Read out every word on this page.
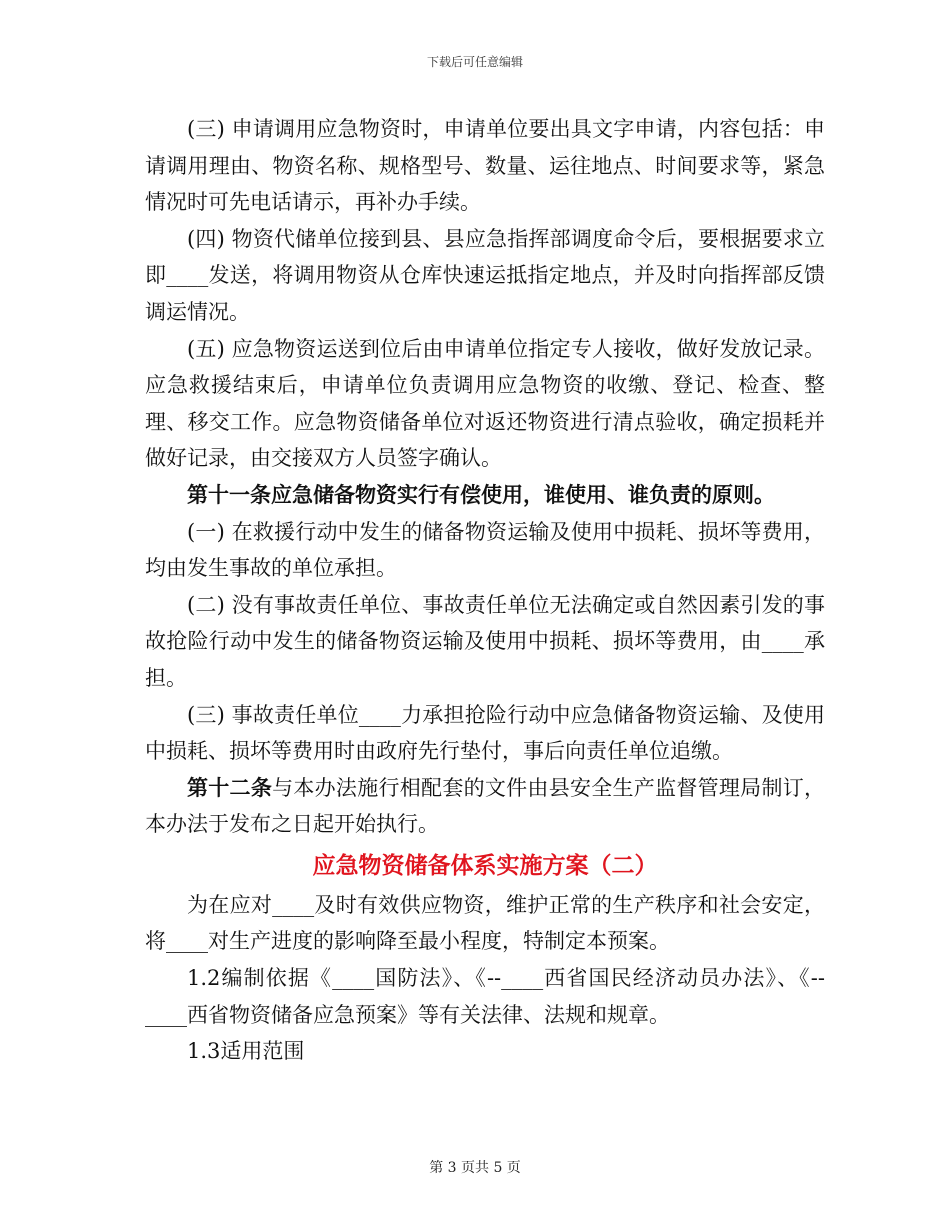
下载后可任意编辑

(三) 申请调用应急物资时，申请单位要出具文字申请，内容包括：申请调用理由、物资名称、规格型号、数量、运往地点、时间要求等，紧急情况时可先电话请示，再补办手续。

(四) 物资代储单位接到县、县应急指挥部调度命令后，要根据要求立即____发送，将调用物资从仓库快速运抵指定地点，并及时向指挥部反馈调运情况。

(五) 应急物资运送到位后由申请单位指定专人接收，做好发放记录。应急救援结束后，申请单位负责调用应急物资的收缴、登记、检查、整理、移交工作。应急物资储备单位对返还物资进行清点验收，确定损耗并做好记录，由交接双方人员签字确认。

第十一条应急储备物资实行有偿使用，谁使用、谁负责的原则。

(一) 在救援行动中发生的储备物资运输及使用中损耗、损坏等费用，均由发生事故的单位承担。

(二) 没有事故责任单位、事故责任单位无法确定或自然因素引发的事故抢险行动中发生的储备物资运输及使用中损耗、损坏等费用，由____承担。

(三) 事故责任单位____力承担抢险行动中应急储备物资运输、及使用中损耗、损坏等费用时由政府先行垫付，事后向责任单位追缴。

第十二条与本办法施行相配套的文件由县安全生产监督管理局制订，本办法于发布之日起开始执行。

应急物资储备体系实施方案（二）

为在应对____及时有效供应物资，维护正常的生产秩序和社会安定，将____对生产进度的影响降至最小程度，特制定本预案。

1.2编制依据《____国防法》、《--____西省国民经济动员办法》、《--____西省物资储备应急预案》等有关法律、法规和规章。

1.3适用范围

第 3 页共 5 页
